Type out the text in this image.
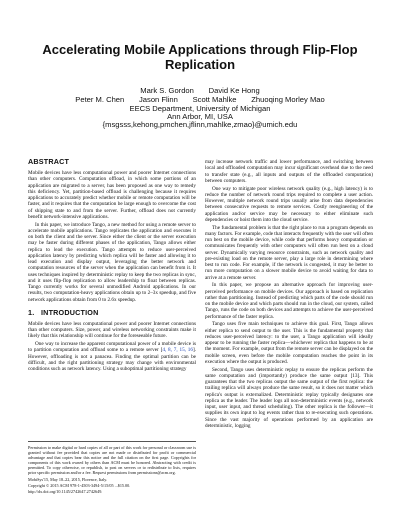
Accelerating Mobile Applications through Flip-Flop
Replication
Mark S. Gordon       David Ke Hong
Peter M. Chen       Jason Flinn       Scott Mahlke       Zhuoqing Morley Mao
EECS Department, University of Michigan
Ann Arbor, MI, USA
{msgsss,kehong,pmchen,jflinn,mahlke,zmao}@umich.edu
ABSTRACT

Mobile devices have less computational power and poorer Internet connections than other computers. Computation offload, in which some portions of an application are migrated to a server, has been proposed as one way to remedy this deficiency. Yet, partition-based offload is challenging because it requires applications to accurately predict whether mobile or remote computation will be faster, and it requires that the computation be large enough to overcome the cost of shipping state to and from the server. Further, offload does not currently benefit network-intensive applications.

In this paper, we introduce Tango, a new method for using a remote server to accelerate mobile applications. Tango replicates the application and executes it on both the client and the server. Since either the client or the server execution may be faster during different phases of the application, Tango allows either replica to lead the execution. Tango attempts to reduce user-perceived application latency by predicting which replica will be faster and allowing it to lead execution and display output, leveraging the better network and computation resources of the server when the application can benefit from it. It uses techniques inspired by deterministic replay to keep the two replicas in sync, and it uses flip-flop replication to allow leadership to float between replicas. Tango currently works for several unmodified Android applications. In our results, two computation-heavy applications obtain up to 2–3x speedup, and five network applications obtain from 0 to 2.6x speedup.

1.   INTRODUCTION

Mobile devices have less computational power and poorer Internet connections than other computers. Size, power, and wireless networking constraints make it likely that this relationship will continue for the foreseeable future.

One way to increase the apparent computational power of a mobile device is to partition computation and offload some to a remote server [4, 8, 7, 15, 16]. However, offloading is not a panacea. Finding the optimal partition can be difficult, and the right partitioning strategy may change with environmental conditions such as network latency. Using a suboptimal partitioning strategy

Permission to make digital or hard copies of all or part of this work for personal or classroom use is granted without fee provided that copies are not made or distributed for profit or commercial advantage and that copies bear this notice and the full citation on the first page. Copyrights for components of this work owned by others than ACM must be honored. Abstracting with credit is permitted. To copy otherwise, or republish, to post on servers or to redistribute to lists, requires prior specific permission and/or a fee. Request permissions from permissions@acm.org.
MobiSys'15, May 18–22, 2015, Florence, Italy.
Copyright © 2015 ACM 978-1-4503-3494-5/15/05 ...$15.00.
http://dx.doi.org/10.1145/2742647.2742649.

may increase network traffic and lower performance, and switching between local and offloaded computation may incur significant overhead due to the need to transfer state (e.g., all inputs and outputs of the offloaded computation) between computers.

One way to mitigate poor wireless network quality (e.g., high latency) is to reduce the number of network round trips required to complete a user action. However, multiple network round trips usually arise from data dependencies between consecutive requests to remote services. Costly reengineering of the application and/or service may be necessary to either eliminate such dependencies or hoist them into the cloud service.

The fundamental problem is that the right place to run a program depends on many factors. For example, code that interacts frequently with the user will often run best on the mobile device, while code that performs heavy computation or communicates frequently with other computers will often run best on a cloud server. Dynamically varying resource constraints, such as network quality and pre-existing load on the remote server, play a large role in determining where best to run code. For example, if the network is congested, it may be better to run more computation on a slower mobile device to avoid waiting for data to arrive at a remote server.

In this paper, we propose an alternative approach for improving user-perceived performance on mobile devices. Our approach is based on replication rather than partitioning. Instead of predicting which parts of the code should run on the mobile device and which parts should run in the cloud, our system, called Tango, runs the code on both devices and attempts to achieve the user-perceived performance of the faster replica.

Tango uses five main techniques to achieve this goal. First, Tango allows either replica to send output to the user. This is the fundamental property that reduces user-perceived latency: to the user, a Tango application will ideally appear to be running the faster replica—whichever replica that happens to be at the moment. For example, output from the remote server can be displayed on the mobile screen, even before the mobile computation reaches the point in its execution where the output is produced.

Second, Tango uses deterministic replay to ensure the replicas perform the same computation and (importantly) produce the same output [13]. This guarantees that the two replicas output the same output of the first replica: the trailing replica will always produce the same result, so it does not matter which replica's output is externalized. Deterministic replay typically designates one replica as the leader. The leader logs all non-deterministic events (e.g., network input, user input, and thread scheduling). The other replica is the follower—it supplies its own input to log events rather than to re-executing such operations. Since the vast majority of operations performed by an application are deterministic, logging
